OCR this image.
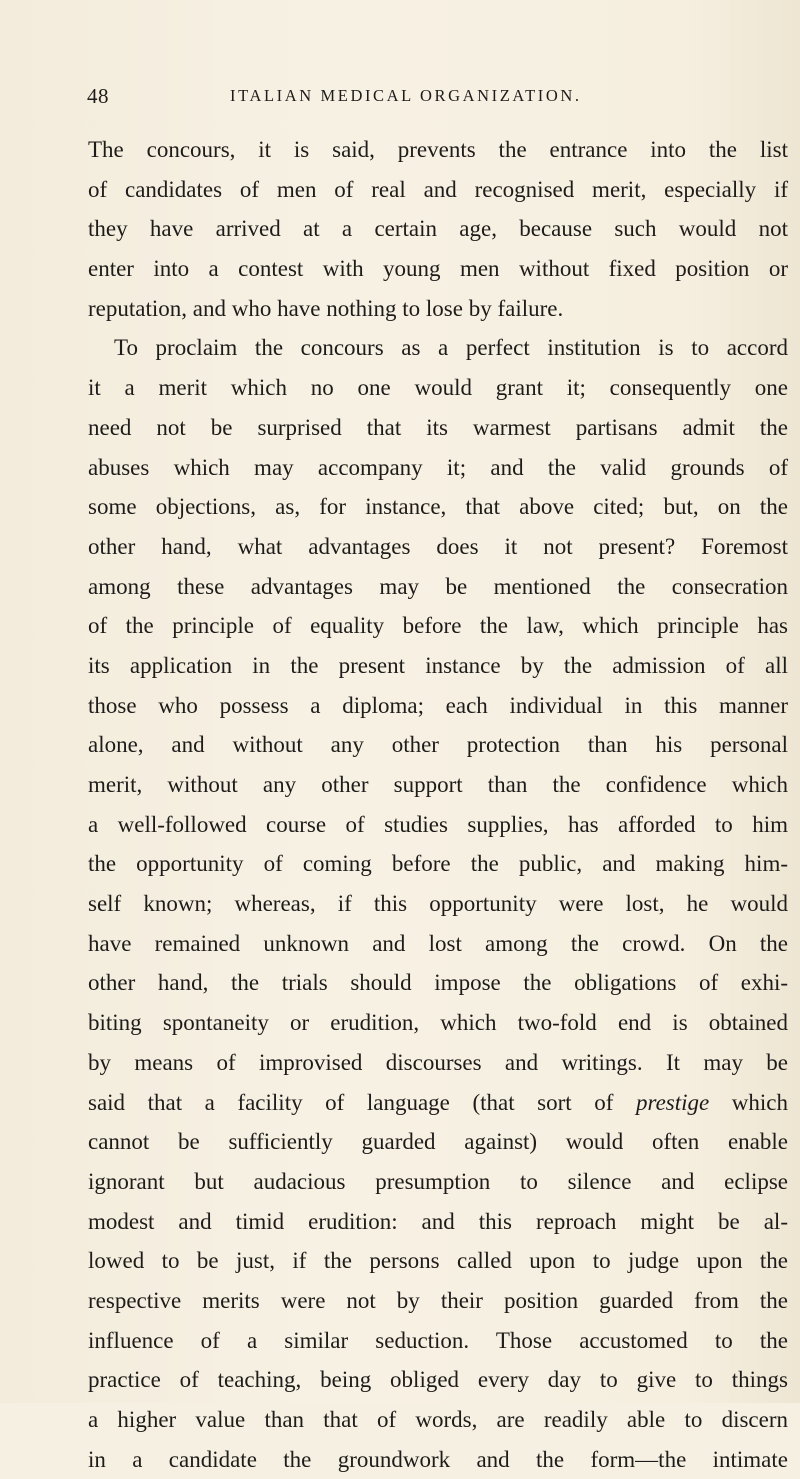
48	ITALIAN MEDICAL ORGANIZATION.
The concours, it is said, prevents the entrance into the list
of candidates of men of real and recognised merit, especially if
they have arrived at a certain age, because such would not
enter into a contest with young men without fixed position or
reputation, and who have nothing to lose by failure.
To proclaim the concours as a perfect institution is to accord
it a merit which no one would grant it; consequently one
need not be surprised that its warmest partisans admit the
abuses which may accompany it; and the valid grounds of
some objections, as, for instance, that above cited; but, on the
other hand, what advantages does it not present? Foremost
among these advantages may be mentioned the consecration
of the principle of equality before the law, which principle has
its application in the present instance by the admission of all
those who possess a diploma; each individual in this manner
alone, and without any other protection than his personal
merit, without any other support than the confidence which
a well-followed course of studies supplies, has afforded to him
the opportunity of coming before the public, and making him-
self known; whereas, if this opportunity were lost, he would
have remained unknown and lost among the crowd. On the
other hand, the trials should impose the obligations of exhi-
biting spontaneity or erudition, which two-fold end is obtained
by means of improvised discourses and writings. It may be
said that a facility of language (that sort of prestige which
cannot be sufficiently guarded against) would often enable
ignorant but audacious presumption to silence and eclipse
modest and timid erudition: and this reproach might be al-
lowed to be just, if the persons called upon to judge upon the
respective merits were not by their position guarded from the
influence of a similar seduction. Those accustomed to the
practice of teaching, being obliged every day to give to things
a higher value than that of words, are readily able to discern
in a candidate the groundwork and the form—the intimate
